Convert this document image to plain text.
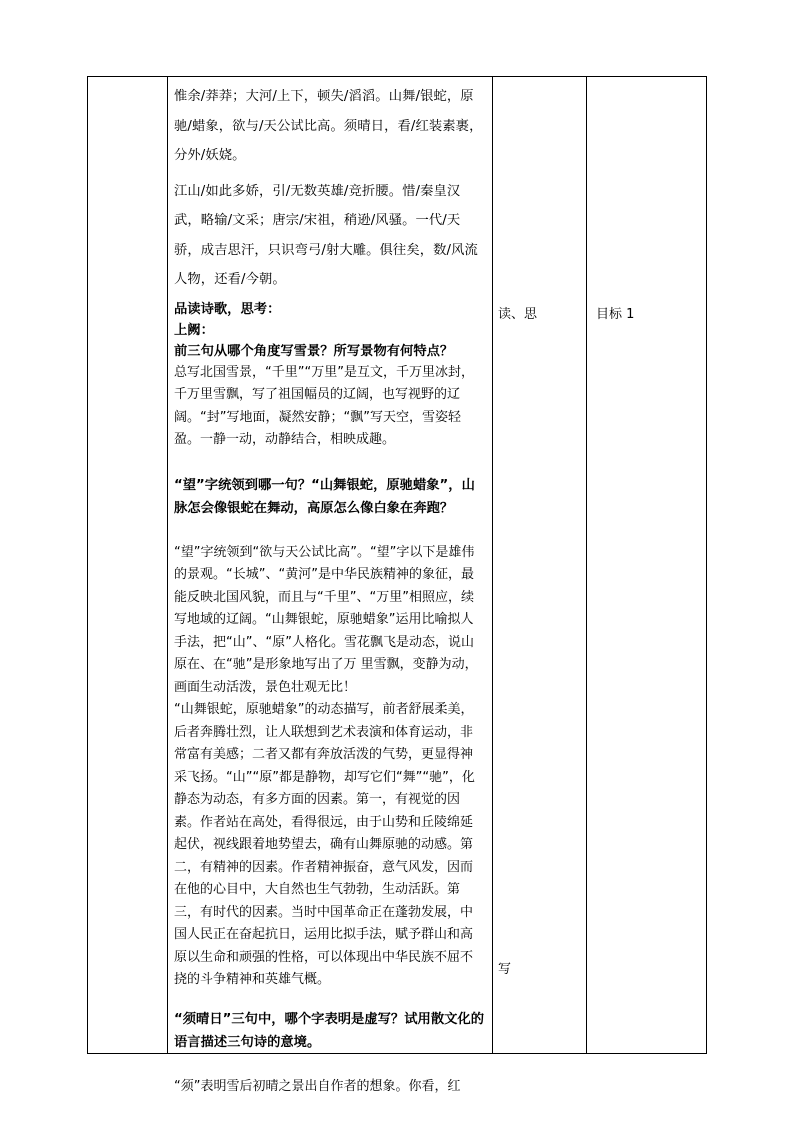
惟余/莽莽；大河/上下，顿失/滔滔。山舞/银蛇，原驰/蜡象，欲与/天公试比高。须晴日，看/红装素裹，分外/妖娆。

江山/如此多娇，引/无数英雄/竞折腰。惜/秦皇汉武，略输/文采；唐宗/宋祖，稍逊/风骚。一代/天骄，成吉思汗，只识弯弓/射大雕。俱往矣，数/风流人物，还看/今朝。

品读诗歌，思考：

上阙：

前三句从哪个角度写雪景？所写景物有何特点？

总写北国雪景，“千里”“万里”是互文，千万里冰封，千万里雪飘，写了祖国幅员的辽阔，也写视野的辽阔。“封”写地面，凝然安静；“飘”写天空，雪姿轻盈。一静一动，动静结合，相映成趣。

“望”字统领到哪一句？“山舞银蛇，原驰蜡象”，山脉怎会像银蛇在舞动，高原怎么像白象在奔跑？

“望”字统领到“欲与天公试比高”。“望”字以下是雄伟的景观。“长城”、“黄河”是中华民族精神的象征，最能反映北国风貌，而且与“千里”、“万里”相照应，续写地域的辽阔。“山舞银蛇，原驰蜡象”运用比喻拟人手法，把“山”、“原”人格化。雪花飘飞是动态，说山原在、在“驰”是形象地写出了万 里雪飘，变静为动，画面生动活泼，景色壮观无比！

“山舞银蛇，原驰蜡象”的动态描写，前者舒展柔美，后者奔腾壮烈，让人联想到艺术表演和体育运动，非常富有美感；二者又都有奔放活泼的气势，更显得神采飞扬。“山”“原”都是静物，却写它们“舞”“驰”，化静态为动态，有多方面的因素。第一，有视觉的因素。作者站在高处，看得很远，由于山势和丘陵绵延起伏，视线跟着地势望去，确有山舞原驰的动感。第二，有精神的因素。作者精神振奋，意气风发，因而在他的心目中，大自然也生气勃勃，生动活跃。第三，有时代的因素。当时中国革命正在蓬勃发展，中国人民正在奋起抗日，运用比拟手法，赋予群山和高原以生命和顽强的性格，可以体现出中华民族不屈不挠的斗争精神和英雄气概。

“须晴日”三句中，哪个字表明是虚写？试用散文化的语言描述三句诗的意境。

“须”表明雪后初晴之景出自作者的想象。你看，红

读、思
写
目标 1
